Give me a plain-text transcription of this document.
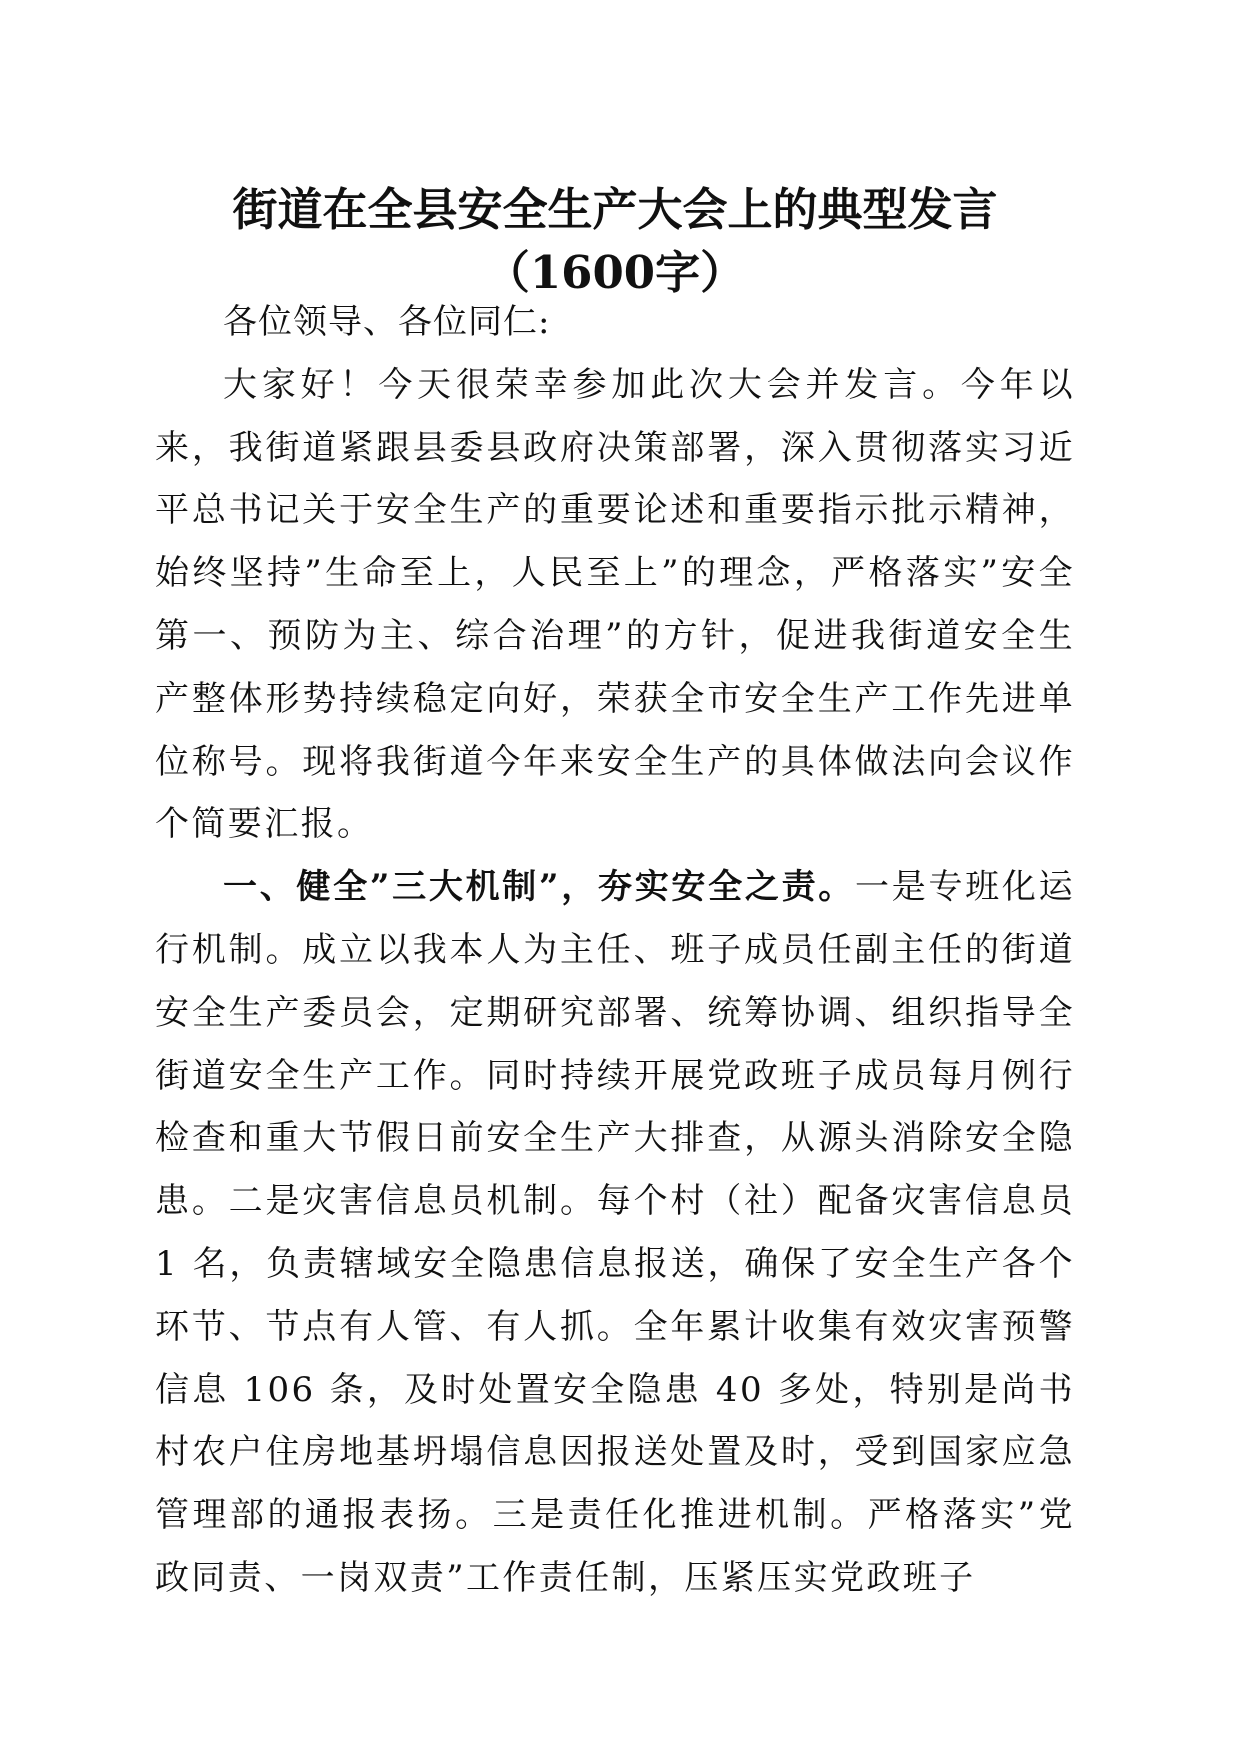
街道在全县安全生产大会上的典型发言（1600字）

各位领导、各位同仁:

大家好！今天很荣幸参加此次大会并发言。今年以来，我街道紧跟县委县政府决策部署，深入贯彻落实习近平总书记关于安全生产的重要论述和重要指示批示精神，始终坚持”生命至上，人民至上”的理念，严格落实”安全第一、预防为主、综合治理”的方针，促进我街道安全生产整体形势持续稳定向好，荣获全市安全生产工作先进单位称号。现将我街道今年来安全生产的具体做法向会议作个简要汇报。

一、健全”三大机制”，夯实安全之责。一是专班化运行机制。成立以我本人为主任、班子成员任副主任的街道安全生产委员会，定期研究部署、统筹协调、组织指导全街道安全生产工作。同时持续开展党政班子成员每月例行检查和重大节假日前安全生产大排查，从源头消除安全隐患。二是灾害信息员机制。每个村（社）配备灾害信息员 1 名，负责辖域安全隐患信息报送，确保了安全生产各个环节、节点有人管、有人抓。全年累计收集有效灾害预警信息 106 条，及时处置安全隐患 40 多处，特别是尚书村农户住房地基坍塌信息因报送处置及时，受到国家应急管理部的通报表扬。三是责任化推进机制。严格落实”党政同责、一岗双责”工作责任制，压紧压实党政班子
